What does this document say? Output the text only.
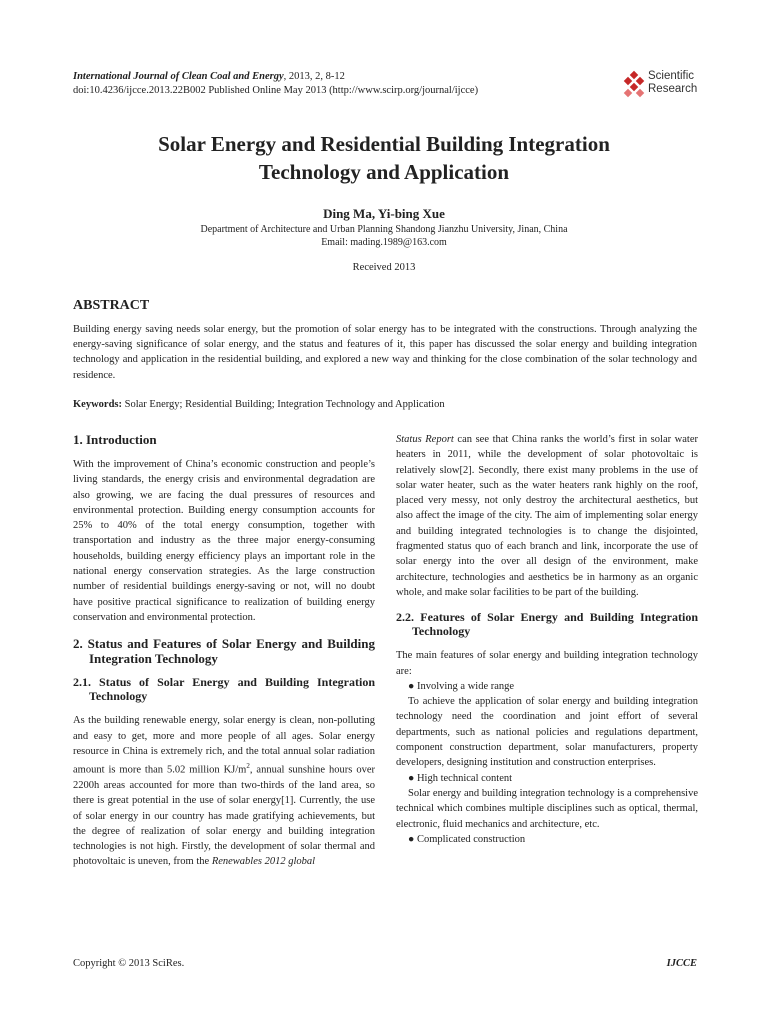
International Journal of Clean Coal and Energy, 2013, 2, 8-12
doi:10.4236/ijcce.2013.22B002 Published Online May 2013 (http://www.scirp.org/journal/ijcce)
Scientific
Research
Solar Energy and Residential Building Integration
Technology and Application
Ding Ma, Yi-bing Xue
Department of Architecture and Urban Planning Shandong Jianzhu University, Jinan, China
Email: mading.1989@163.com
Received 2013
ABSTRACT
Building energy saving needs solar energy, but the promotion of solar energy has to be integrated with the constructions. Through analyzing the energy-saving significance of solar energy, and the status and features of it, this paper has discussed the solar energy and building integration technology and application in the residential building, and explored a new way and thinking for the close combination of the solar technology and residence.
Keywords: Solar Energy; Residential Building; Integration Technology and Application
1. Introduction

With the improvement of China’s economic construction and people’s living standards, the energy crisis and environmental degradation are also growing, we are facing the dual pressures of resources and environmental protection. Building energy consumption accounts for 25% to 40% of the total energy consumption, together with transportation and industry as the three major energy-consuming households, building energy efficiency plays an important role in the national energy conservation strategies. As the large construction number of residential buildings energy-saving or not, will no doubt have positive practical significance to realization of building energy conservation and environmental protection.

2. Status and Features of Solar Energy and Building Integration Technology
2.1. Status of Solar Energy and Building Integration Technology

As the building renewable energy, solar energy is clean, non-polluting and easy to get, more and more people of all ages. Solar energy resource in China is extremely rich, and the total annual solar radiation amount is more than 5.02 million $KJ/m^2$, annual sunshine hours over 2200h areas accounted for more than two-thirds of the land area, so there is great potential in the use of solar energy[1]. Currently, the use of solar energy in our country has made gratifying achievements, but the degree of realization of solar energy and building integration technologies is not high. Firstly, the development of solar thermal and photovoltaic is uneven, from the Renewables 2012 global

Status Report can see that China ranks the world’s first in solar water heaters in 2011, while the development of solar photovoltaic is relatively slow[2]. Secondly, there exist many problems in the use of solar water heater, such as the water heaters rank highly on the roof, placed very messy, not only destroy the architectural aesthetics, but also affect the image of the city. The aim of implementing solar energy and building integrated technologies is to change the disjointed, fragmented status quo of each branch and link, incorporate the use of solar energy into the over all design of the environment, make architecture, technologies and aesthetics be in harmony as an organic whole, and make solar facilities to be part of the building.

2.2. Features of Solar Energy and Building Integration Technology

The main features of solar energy and building integration technology are:

● Involving a wide range

To achieve the application of solar energy and building integration technology need the coordination and joint effort of several departments, such as national policies and regulations department, component construction department, solar manufacturers, property developers, designing institution and construction enterprises.

● High technical content

Solar energy and building integration technology is a comprehensive technical which combines multiple disciplines such as optical, thermal, electronic, fluid mechanics and architecture, etc.

● Complicated construction

Copyright © 2013 SciRes.	IJCCE
